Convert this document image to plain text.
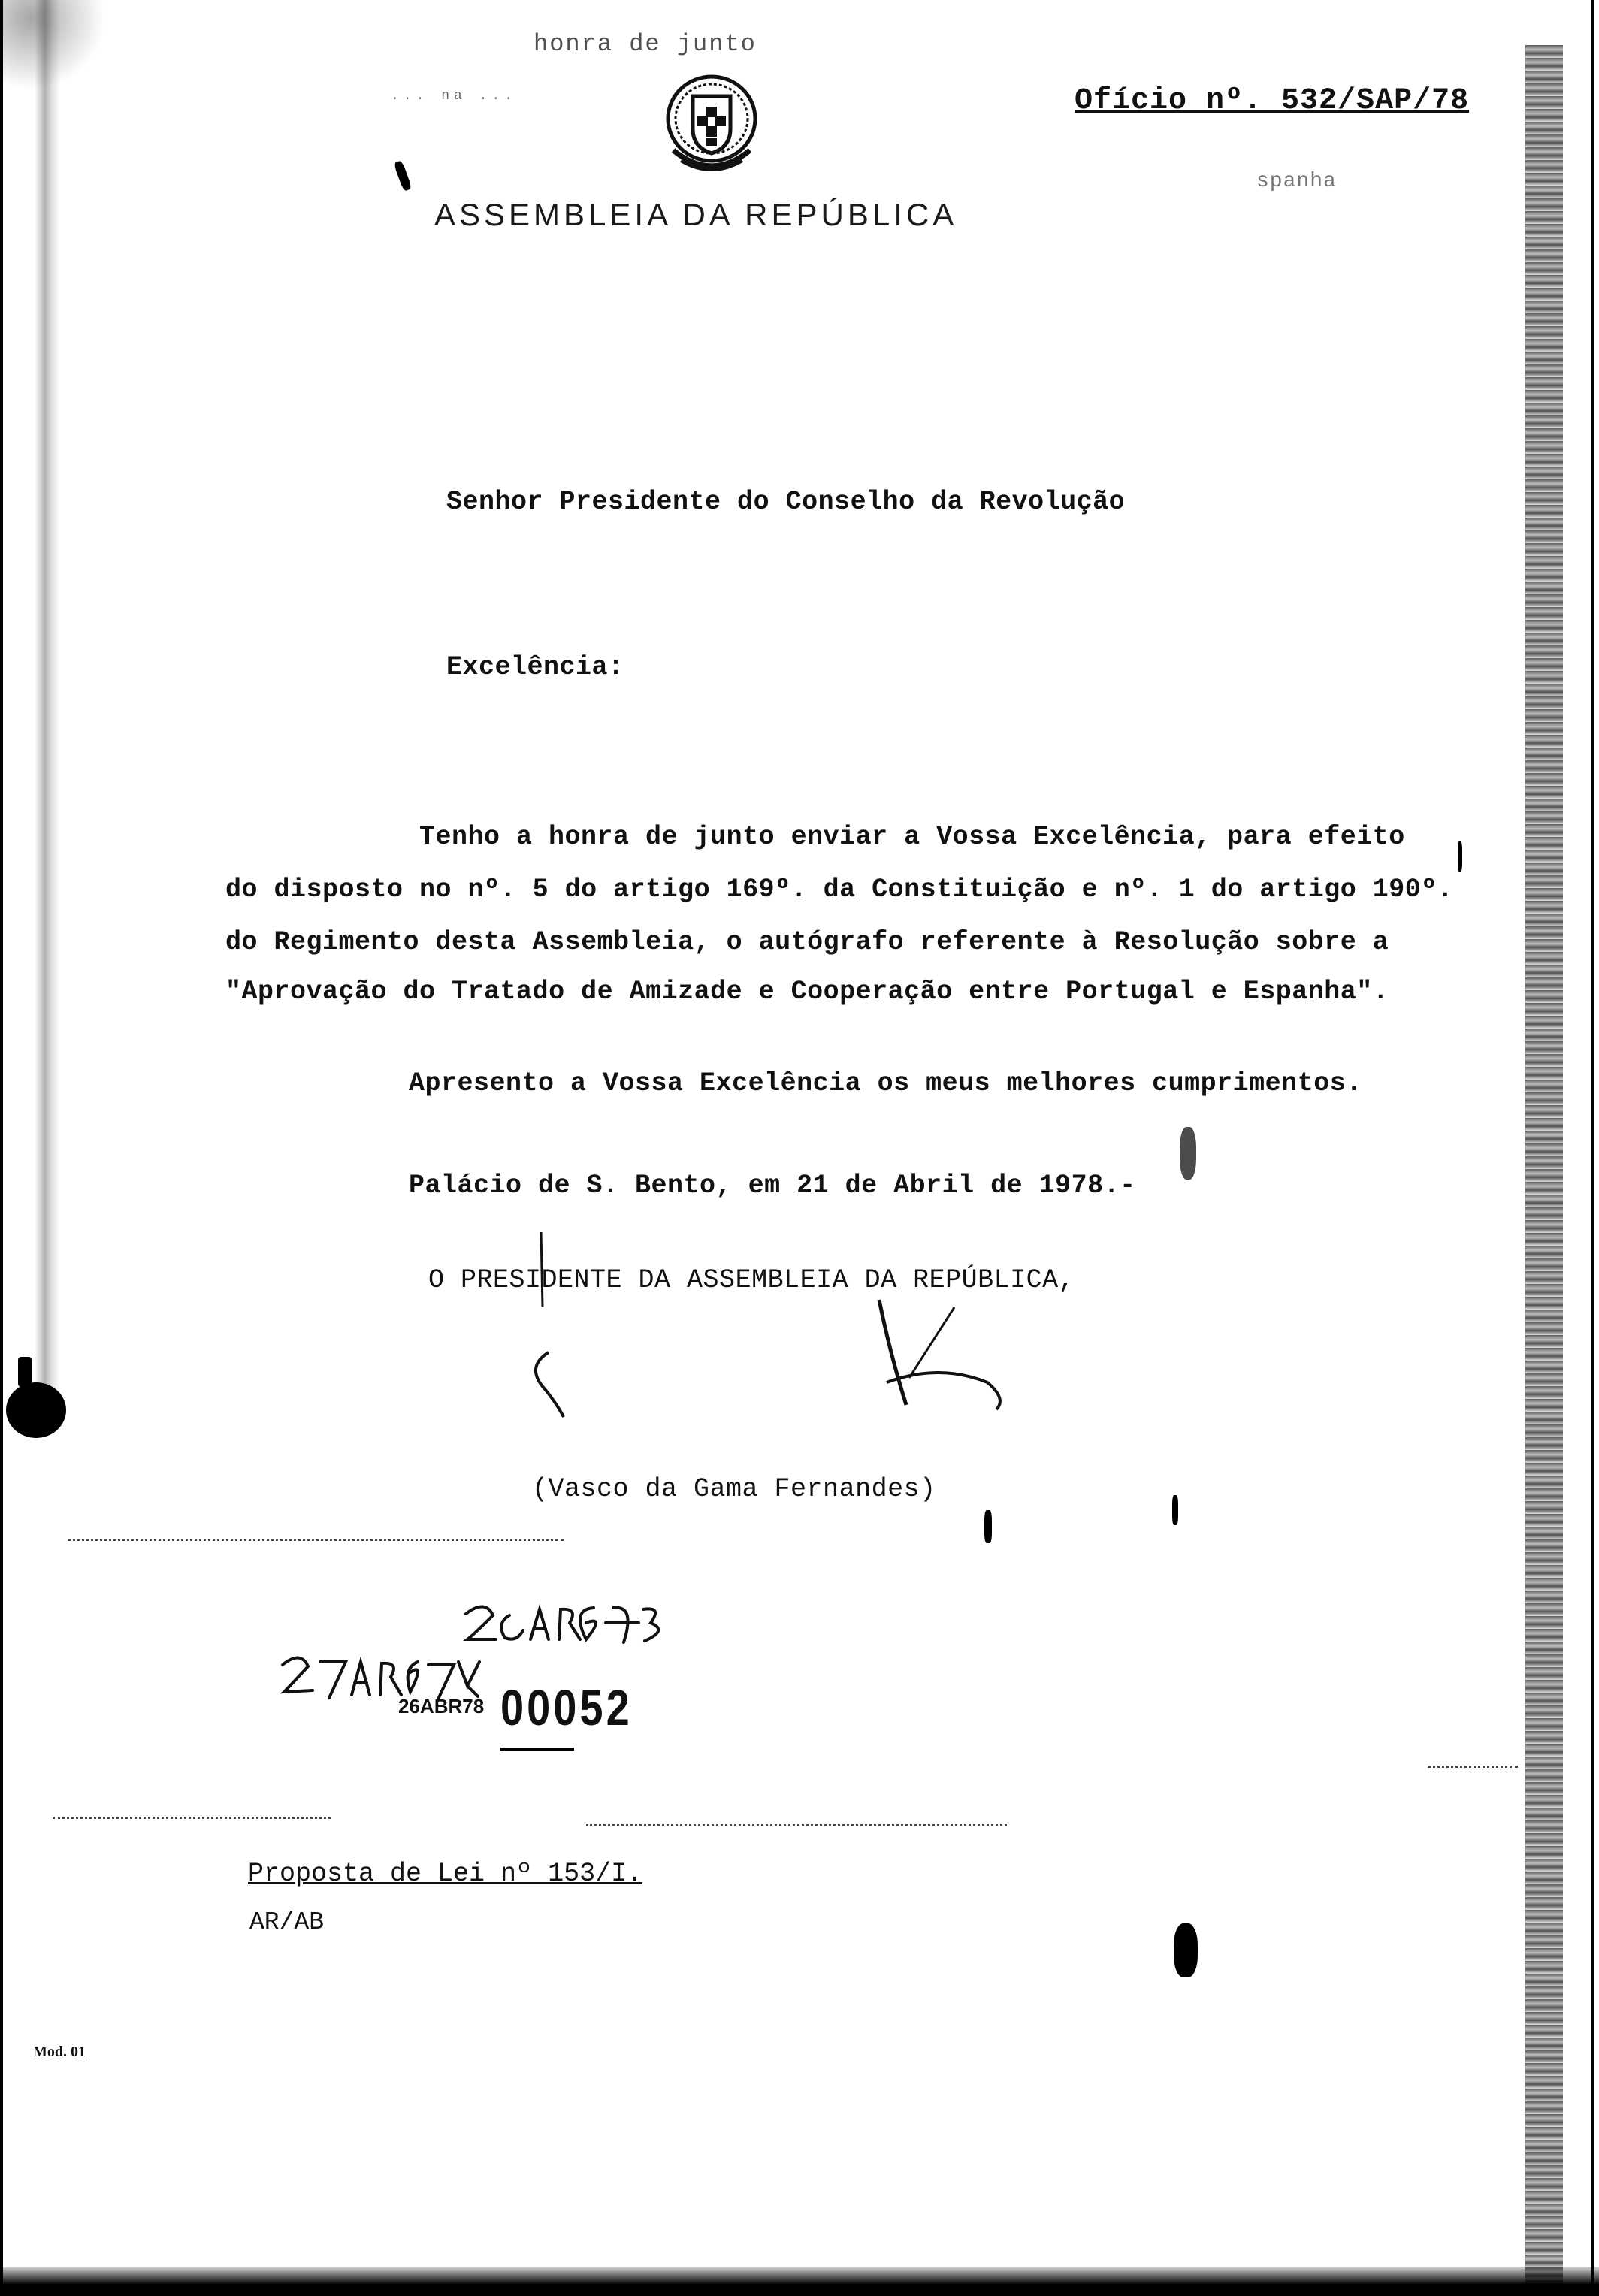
honra de junto
... na ...
spanha
Ofício nº. 532/SAP/78
ASSEMBLEIA DA REPÚBLICA
Senhor Presidente do Conselho da Revolução
Excelência:
Tenho a honra de junto enviar a Vossa Excelência, para efeito
do disposto no nº. 5 do artigo 169º. da Constituição e nº. 1 do artigo 190º.
do Regimento desta Assembleia, o autógrafo referente à Resolução sobre a
"Aprovação do Tratado de Amizade e Cooperação entre Portugal e Espanha".
Apresento a Vossa Excelência os meus melhores cumprimentos.
Palácio de S. Bento, em 21 de Abril de 1978.-
O PRESIDENTE DA ASSEMBLEIA DA REPÚBLICA,
(Vasco da Gama Fernandes)
26ABR78 00052
Proposta de Lei nº 153/I.
AR/AB
Mod. 01
